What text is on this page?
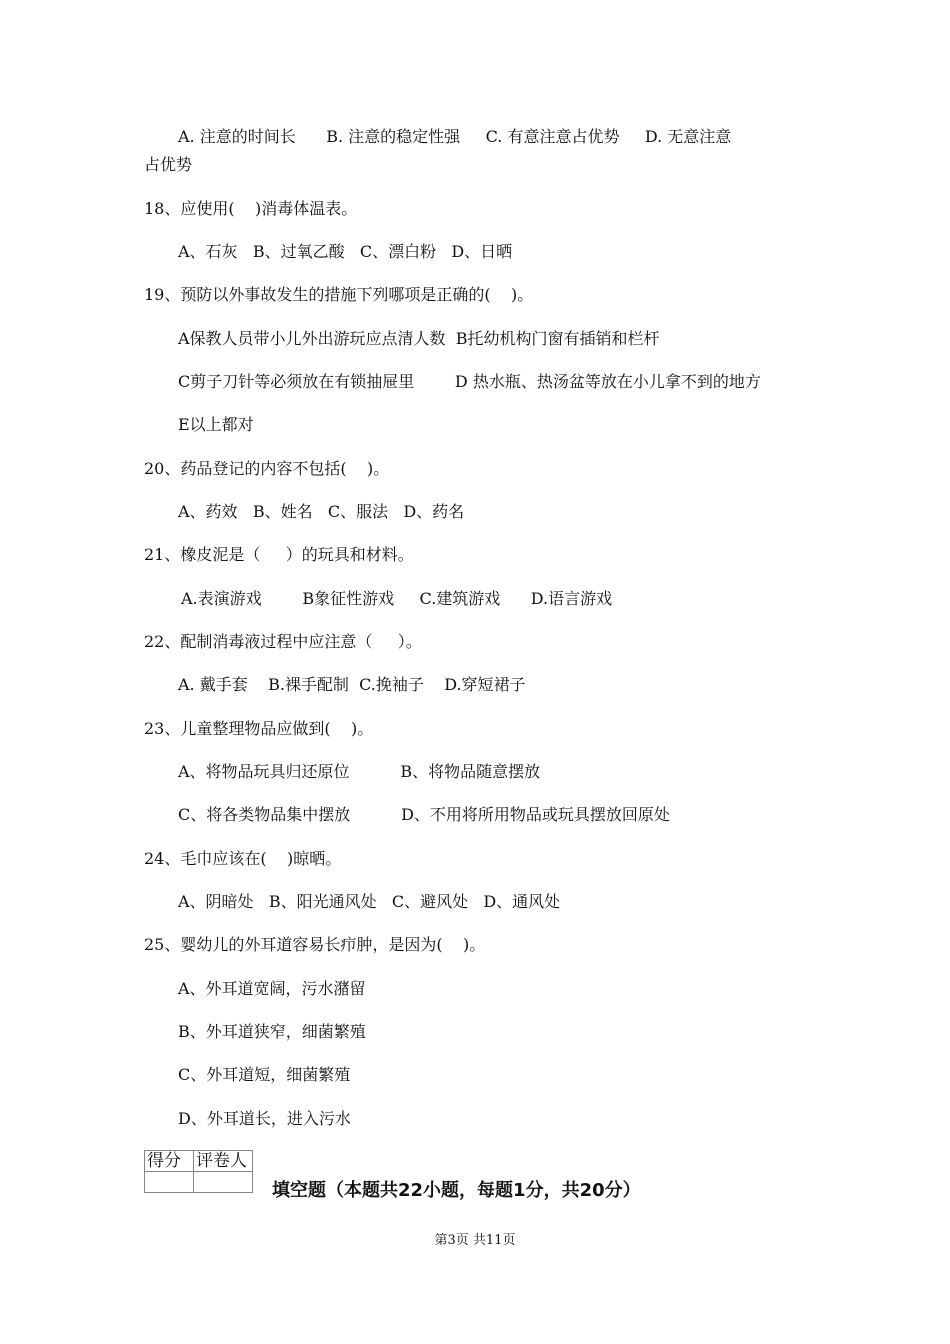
A. 注意的时间长      B. 注意的稳定性强     C. 有意注意占优势     D. 无意注意
占优势
18、应使用(    )消毒体温表。
A、石灰   B、过氧乙酸   C、漂白粉   D、日晒
19、预防以外事故发生的措施下列哪项是正确的(    )。
A保教人员带小儿外出游玩应点清人数  B托幼机构门窗有插销和栏杆
C剪子刀针等必须放在有锁抽屉里        D 热水瓶、热汤盆等放在小儿拿不到的地方
E以上都对
20、药品登记的内容不包括(    )。
A、药效   B、姓名   C、服法   D、药名
21、橡皮泥是（     ）的玩具和材料。
A.表演游戏        B象征性游戏     C.建筑游戏      D.语言游戏
22、配制消毒液过程中应注意（     ）。
A. 戴手套    B.裸手配制  C.挽袖子    D.穿短裙子
23、儿童整理物品应做到(    )。
A、将物品玩具归还原位          B、将物品随意摆放
C、将各类物品集中摆放          D、不用将所用物品或玩具摆放回原处
24、毛巾应该在(    )晾晒。
A、阴暗处   B、阳光通风处   C、避风处   D、通风处
25、婴幼儿的外耳道容易长疖肿，是因为(    )。
A、外耳道宽阔，污水潴留
B、外耳道狭窄，细菌繁殖
C、外耳道短，细菌繁殖
D、外耳道长，进入污水
得分	评卷人

填空题（本题共22小题，每题1分，共20分）
第3页 共11页
